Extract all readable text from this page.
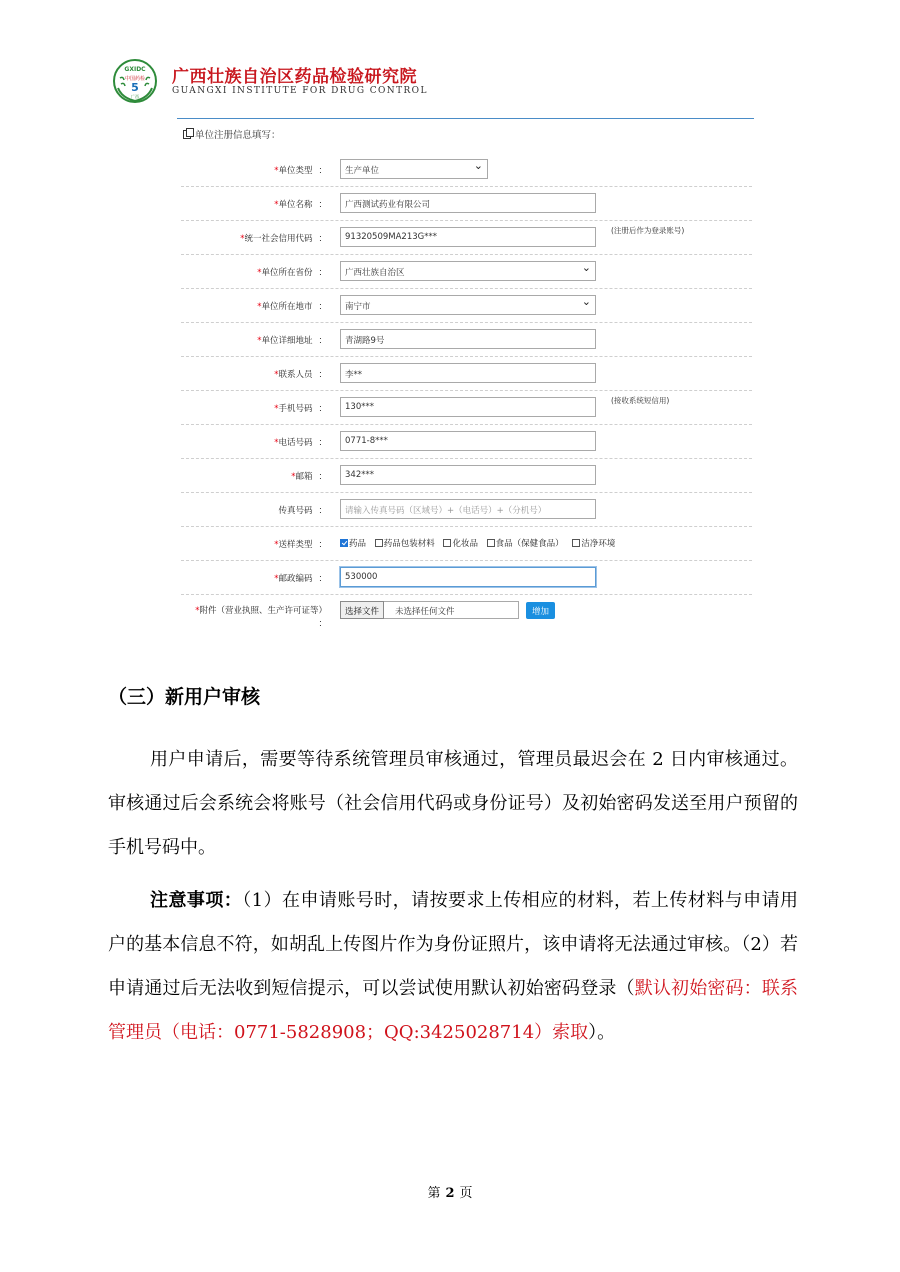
GXIDC
中国药检
5
广西
广西壮族自治区药品检验研究院
GUANGXI INSTITUTE FOR DRUG CONTROL
单位注册信息填写：
*单位类型 ：	生产单位 ⌄
*单位名称 ：	广西测试药业有限公司
*统一社会信用代码 ：	91320509MA213G***
(注册后作为登录账号)
*单位所在省份 ：	广西壮族自治区 ⌄
*单位所在地市 ：	南宁市 ⌄
*单位详细地址 ：	青湖路9号
*联系人员 ：	李**
*手机号码 ：	130***
(接收系统短信用)
*电话号码 ：	0771-8***
*邮箱 ：	342***
传真号码 ：	请输入传真号码（区域号）+（电话号）+（分机号）
*送样类型 ：	药品 药品包装材料 化妆品 食品（保健食品） 洁净环境
*邮政编码 ：	530000
*附件（营业执照、生产许可证等）
：
选择文件	未选择任何文件	增加
（三）新用户审核
用户申请后，需要等待系统管理员审核通过，管理员最迟会在 2 日内审核通过。审核通过后会系统会将账号（社会信用代码或身份证号）及初始密码发送至用户预留的手机号码中。
注意事项：（1）在申请账号时，请按要求上传相应的材料，若上传材料与申请用户的基本信息不符，如胡乱上传图片作为身份证照片，该申请将无法通过审核。（2）若申请通过后无法收到短信提示，可以尝试使用默认初始密码登录（默认初始密码：联系管理员（电话：0771-5828908；QQ:3425028714）索取）。
第 2 页
